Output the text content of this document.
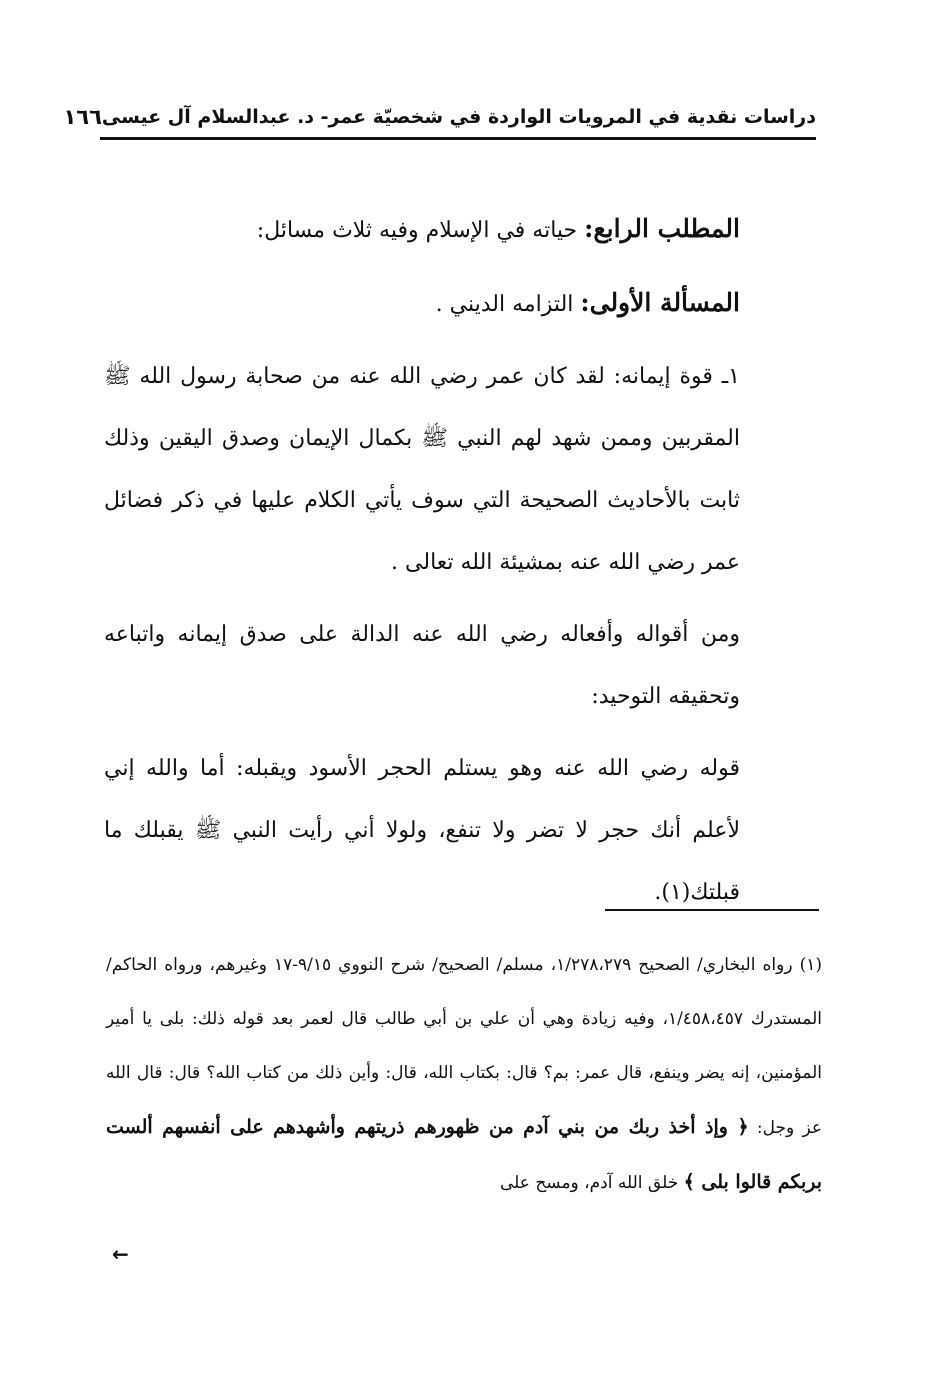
دراسات نقدية في المرويات الواردة في شخصيّة عمر- د. عبدالسلام آل عيسى
١٦٦

المطلب الرابع: حياته في الإسلام وفيه ثلاث مسائل:

المسألة الأولى: التزامه الديني .

١ـ قوة إيمانه: لقد كان عمر رضي الله عنه من صحابة رسول الله ﷺ المقربين وممن شهد لهم النبي ﷺ بكمال الإيمان وصدق اليقين وذلك ثابت بالأحاديث الصحيحة التي سوف يأتي الكلام عليها في ذكر فضائل عمر رضي الله عنه بمشيئة الله تعالى .

ومن أقواله وأفعاله رضي الله عنه الدالة على صدق إيمانه واتباعه وتحقيقه التوحيد:

قوله رضي الله عنه وهو يستلم الحجر الأسود ويقبله: أما والله إني لأعلم أنك حجر لا تضر ولا تنفع، ولولا أني رأيت النبي ﷺ يقبلك ما قبلتك(١).

(١) رواه البخاري/ الصحيح ١/٢٧٨،٢٧٩، مسلم/ الصحيح/ شرح النووي ٩/١٥-١٧ وغيرهم، ورواه الحاكم/ المستدرك ١/٤٥٨،٤٥٧، وفيه زيادة وهي أن علي بن أبي طالب قال لعمر بعد قوله ذلك: بلى يا أمير المؤمنين، إنه يضر وينفع، قال عمر: بم؟ قال: بكتاب الله، قال: وأين ذلك من كتاب الله؟ قال: قال الله عز وجل: ﴿ وإذ أخذ ربك من بني آدم من ظهورهم ذريتهم وأشهدهم على أنفسهم ألست بربكم قالوا بلى ﴾ خلق الله آدم، ومسح على

←
